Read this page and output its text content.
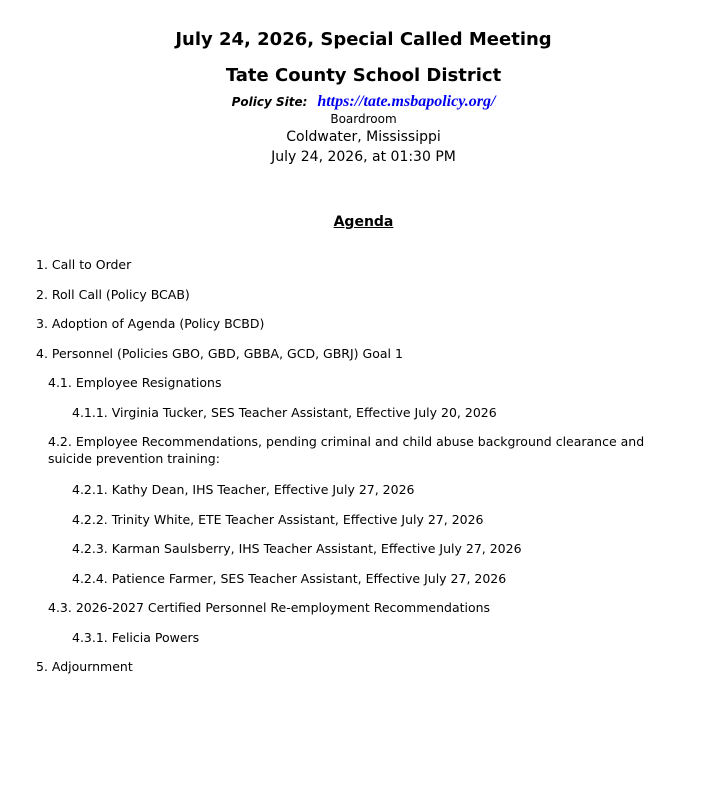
July 24, 2026, Special Called Meeting
Tate County School District
Policy Site: https://tate.msbapolicy.org/
Boardroom
Coldwater, Mississippi
July 24, 2026, at 01:30 PM
Agenda
1. Call to Order
2. Roll Call (Policy BCAB)
3. Adoption of Agenda (Policy BCBD)
4. Personnel (Policies GBO, GBD, GBBA, GCD, GBRJ) Goal 1
4.1. Employee Resignations
4.1.1. Virginia Tucker, SES Teacher Assistant, Effective July 20, 2026
4.2. Employee Recommendations, pending criminal and child abuse background clearance and suicide prevention training:
4.2.1. Kathy Dean, IHS Teacher, Effective July 27, 2026
4.2.2. Trinity White, ETE Teacher Assistant, Effective July 27, 2026
4.2.3. Karman Saulsberry, IHS Teacher Assistant, Effective July 27, 2026
4.2.4. Patience Farmer, SES Teacher Assistant, Effective July 27, 2026
4.3. 2026-2027 Certified Personnel Re-employment Recommendations
4.3.1. Felicia Powers
5. Adjournment
